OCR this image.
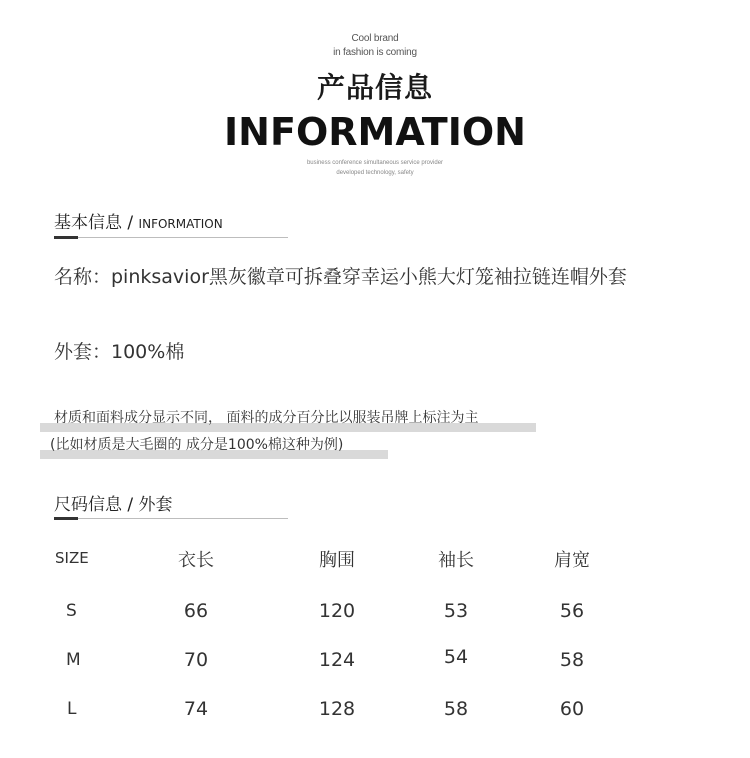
Cool brand
in fashion is coming
产品信息
INFORMATION
business conference simultaneous service provider
developed technology, safety
基本信息 / INFORMATION
名称：pinksavior黑灰徽章可拆叠穿幸运小熊大灯笼袖拉链连帽外套
外套：100%棉
材质和面料成分显示不同， 面料的成分百分比以服装吊牌上标注为主
(比如材质是大毛圈的 成分是100%棉这种为例)
尺码信息 / 外套
SIZE	衣长	胸围	袖长	肩宽
S	66	120	53	56
M	70	124	54	58
L	74	128	58	60
